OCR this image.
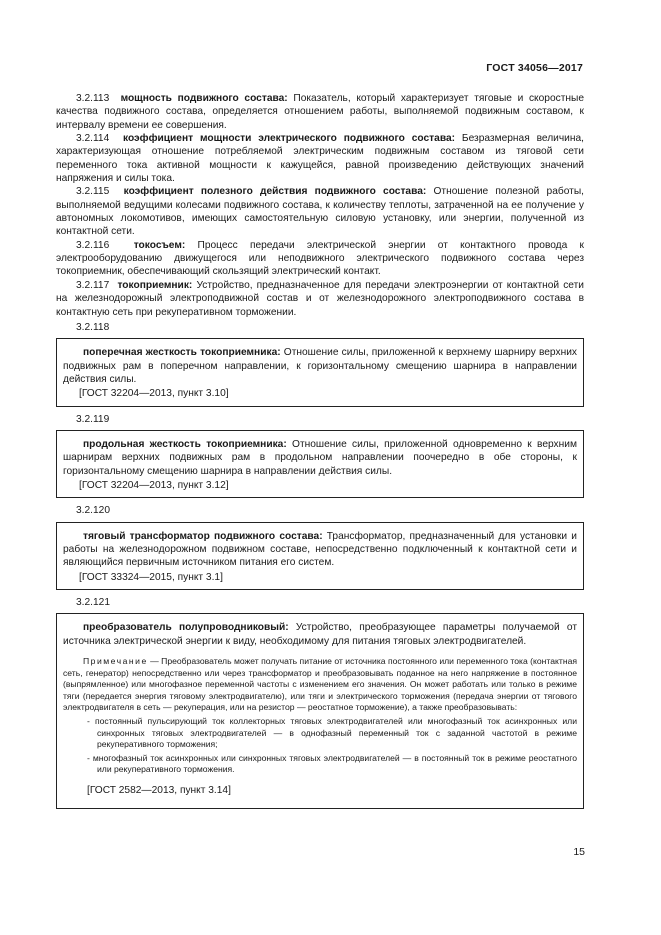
ГОСТ 34056—2017

3.2.113 мощность подвижного состава: Показатель, который характеризует тяговые и скоростные качества подвижного состава, определяется отношением работы, выполняемой подвижным составом, к интервалу времени ее совершения.

3.2.114 коэффициент мощности электрического подвижного состава: Безразмерная величина, характеризующая отношение потребляемой электрическим подвижным составом из тяговой сети переменного тока активной мощности к кажущейся, равной произведению действующих значений напряжения и силы тока.

3.2.115 коэффициент полезного действия подвижного состава: Отношение полезной работы, выполняемой ведущими колесами подвижного состава, к количеству теплоты, затраченной на ее получение у автономных локомотивов, имеющих самостоятельную силовую установку, или энергии, полученной из контактной сети.

3.2.116 токосъем: Процесс передачи электрической энергии от контактного провода к электрооборудованию движущегося или неподвижного электрического подвижного состава через токоприемник, обеспечивающий скользящий электрический контакт.

3.2.117 токоприемник: Устройство, предназначенное для передачи электроэнергии от контактной сети на железнодорожный электроподвижной состав и от железнодорожного электроподвижного состава в контактную сеть при рекуперативном торможении.

3.2.118

поперечная жесткость токоприемника: Отношение силы, приложенной к верхнему шарниру верхних подвижных рам в поперечном направлении, к горизонтальному смещению шарнира в направлении действия силы.

[ГОСТ 32204—2013, пункт 3.10]
3.2.119

продольная жесткость токоприемника: Отношение силы, приложенной одновременно к верхним шарнирам верхних подвижных рам в продольном направлении поочередно в обе стороны, к горизонтальному смещению шарнира в направлении действия силы.

[ГОСТ 32204—2013, пункт 3.12]
3.2.120

тяговый трансформатор подвижного состава: Трансформатор, предназначенный для установки и работы на железнодорожном подвижном составе, непосредственно подключенный к контактной сети и являющийся первичным источником питания его систем.

[ГОСТ 33324—2015, пункт 3.1]
3.2.121

преобразователь полупроводниковый: Устройство, преобразующее параметры получаемой от источника электрической энергии к виду, необходимому для питания тяговых электродвигателей.

Примечание — Преобразователь может получать питание от источника постоянного или переменного тока (контактная сеть, генератор) непосредственно или через трансформатор и преобразовывать поданное на него напряжение в постоянное (выпрямленное) или многофазное переменной частоты с изменением его значения. Он может работать или только в режиме тяги (передается энергия тяговому электродвигателю), или тяги и электрического торможения (передача энергии от тягового электродвигателя в сеть — рекуперация, или на резистор — реостатное торможение), а также преобразовывать:

- постоянный пульсирующий ток коллекторных тяговых электродвигателей или многофазный ток асинхронных или синхронных тяговых электродвигателей — в однофазный переменный ток с заданной частотой в режиме рекуперативного торможения;

- многофазный ток асинхронных или синхронных тяговых электродвигателей — в постоянный ток в режиме реостатного или рекуперативного торможения.

[ГОСТ 2582—2013, пункт 3.14]
15
